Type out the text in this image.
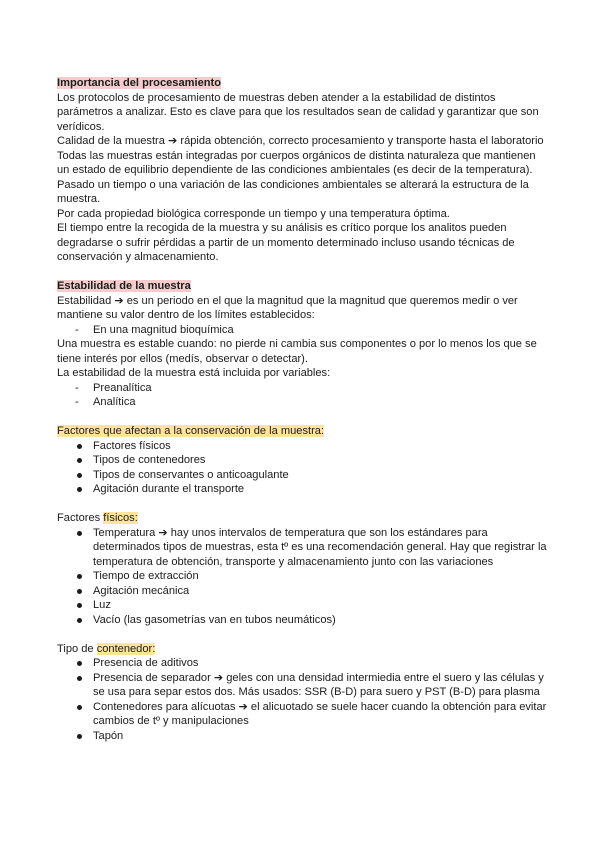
Importancia del procesamiento

Los protocolos de procesamiento de muestras deben atender a la estabilidad de distintos parámetros a analizar. Esto es clave para que los resultados sean de calidad y garantizar que son verídicos.

Calidad de la muestra ➔ rápida obtención, correcto procesamiento y transporte hasta el laboratorio

Todas las muestras están integradas por cuerpos orgánicos de distinta naturaleza que mantienen un estado de equilibrio dependiente de las condiciones ambientales (es decir de la temperatura).

Pasado un tiempo o una variación de las condiciones ambientales se alterará la estructura de la muestra.

Por cada propiedad biológica corresponde un tiempo y una temperatura óptima.

El tiempo entre la recogida de la muestra y su análisis es crítico porque los analitos pueden degradarse o sufrir pérdidas a partir de un momento determinado incluso usando técnicas de conservación y almacenamiento.

Estabilidad de la muestra

Estabilidad ➔ es un periodo en el que la magnitud que la magnitud que queremos medir o ver mantiene su valor dentro de los límites establecidos:

- En una magnitud bioquímica

Una muestra es estable cuando: no pierde ni cambia sus componentes o por lo menos los que se tiene interés por ellos (medís, observar o detectar).

La estabilidad de la muestra está incluida por variables:

- Preanalítica
- Analítica

Factores que afectan a la conservación de la muestra:

Factores físicos
Tipos de contenedores
Tipos de conservantes o anticoagulante
Agitación durante el transporte

Factores físicos:

Temperatura ➔ hay unos intervalos de temperatura que son los estándares para determinados tipos de muestras, esta tº es una recomendación general. Hay que registrar la temperatura de obtención, transporte y almacenamiento junto con las variaciones
Tiempo de extracción
Agitación mecánica
Luz
Vacío (las gasometrías van en tubos neumáticos)

Tipo de contenedor:

Presencia de aditivos
Presencia de separador ➔ geles con una densidad intermiedia entre el suero y las células y se usa para separ estos dos. Más usados: SSR (B-D) para suero y PST (B-D) para plasma
Contenedores para alícuotas ➔ el alicuotado se suele hacer cuando la obtención para evitar cambios de tº y manipulaciones
Tapón
